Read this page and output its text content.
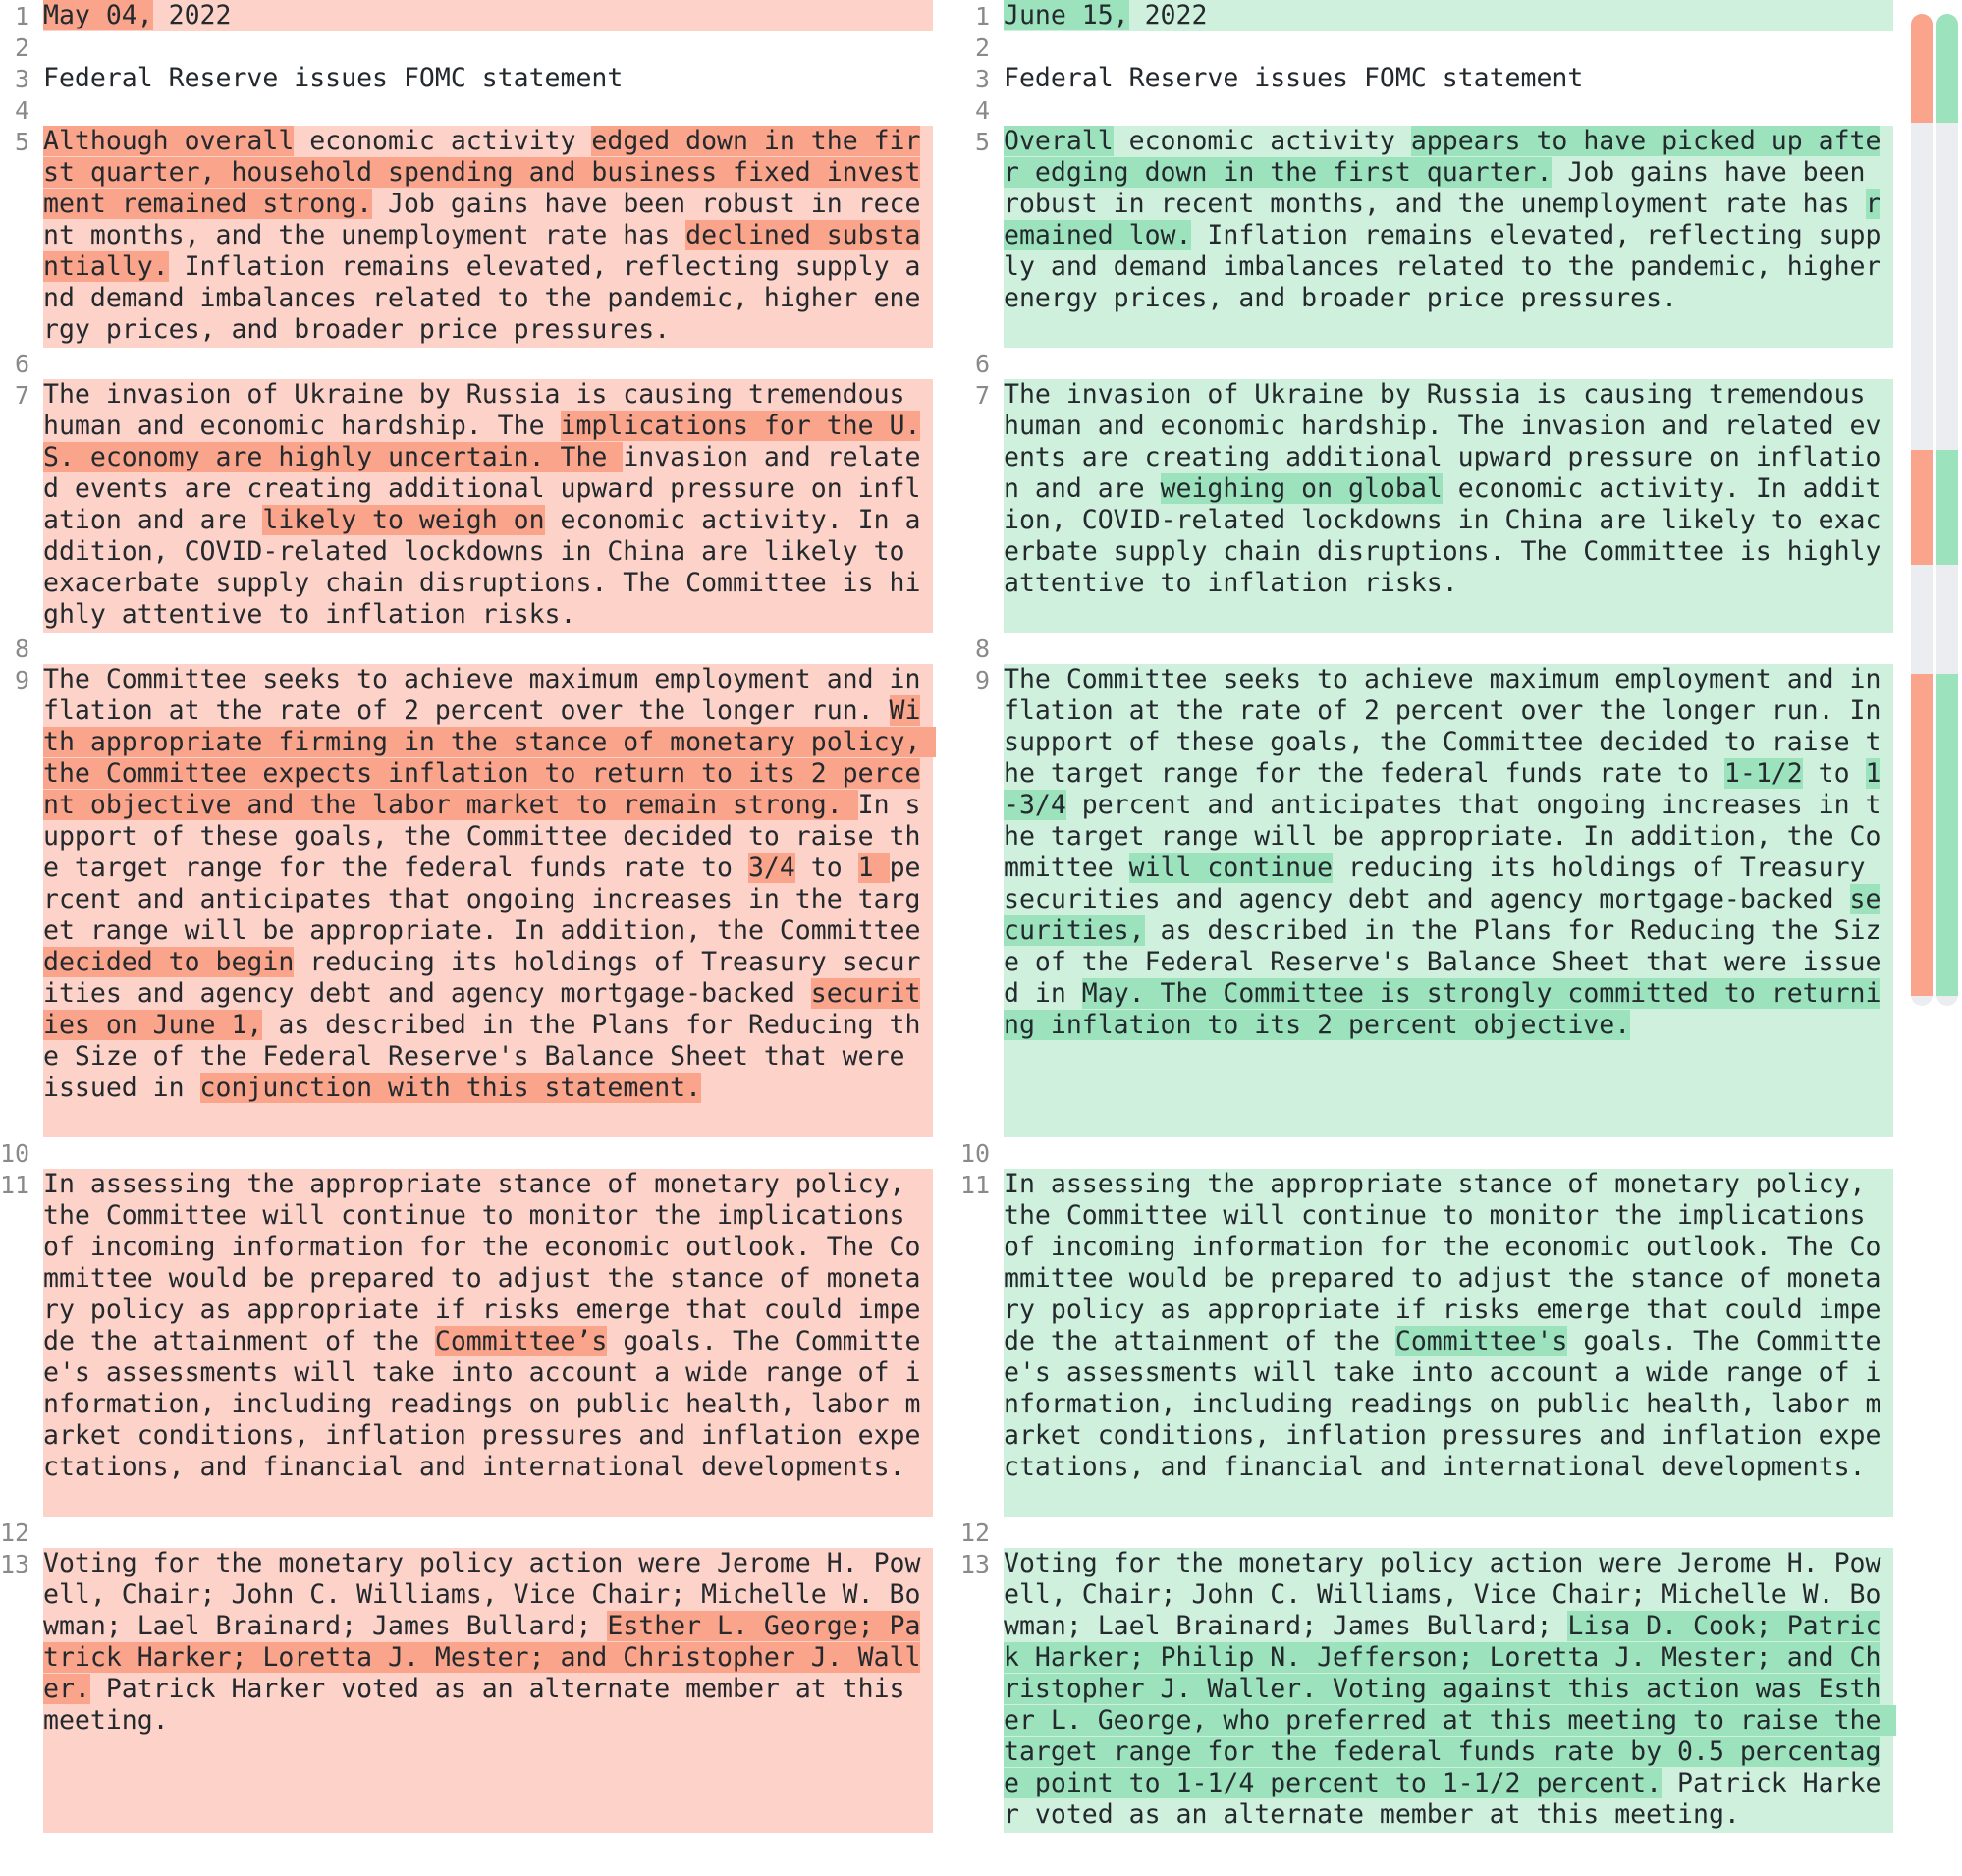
1 May 04, 2022
2

3 Federal Reserve issues FOMC statement
4

5 Although overall economic activity edged down in the first quarter, household spending and business fixed investment remained strong. Job gains have been robust in recent months, and the unemployment rate has declined substantially. Inflation remains elevated, reflecting supply and demand imbalances related to the pandemic, higher energy prices, and broader price pressures.
6

7 The invasion of Ukraine by Russia is causing tremendous human and economic hardship. The implications for the U.S. economy are highly uncertain. The invasion and related events are creating additional upward pressure on inflation and are likely to weigh on economic activity. In addition, COVID-related lockdowns in China are likely to exacerbate supply chain disruptions. The Committee is highly attentive to inflation risks.
8

9 The Committee seeks to achieve maximum employment and inflation at the rate of 2 percent over the longer run. With appropriate firming in the stance of monetary policy, the Committee expects inflation to return to its 2 percent objective and the labor market to remain strong. In support of these goals, the Committee decided to raise the target range for the federal funds rate to 3/4 to 1 percent and anticipates that ongoing increases in the target range will be appropriate. In addition, the Committee decided to begin reducing its holdings of Treasury securities and agency debt and agency mortgage-backed securities on June 1, as described in the Plans for Reducing the Size of the Federal Reserve's Balance Sheet that were issued in conjunction with this statement.
10

11 In assessing the appropriate stance of monetary policy, the Committee will continue to monitor the implications of incoming information for the economic outlook. The Committee would be prepared to adjust the stance of monetary policy as appropriate if risks emerge that could impede the attainment of the Committee’s goals. The Committee's assessments will take into account a wide range of information, including readings on public health, labor market conditions, inflation pressures and inflation expectations, and financial and international developments.
12

13 Voting for the monetary policy action were Jerome H. Powell, Chair; John C. Williams, Vice Chair; Michelle W. Bowman; Lael Brainard; James Bullard; Esther L. George; Patrick Harker; Loretta J. Mester; and Christopher J. Waller. Patrick Harker voted as an alternate member at this meeting.
1 June 15, 2022
2

3 Federal Reserve issues FOMC statement
4

5 Overall economic activity appears to have picked up after edging down in the first quarter. Job gains have been robust in recent months, and the unemployment rate has remained low. Inflation remains elevated, reflecting supply and demand imbalances related to the pandemic, higher energy prices, and broader price pressures.
6

7 The invasion of Ukraine by Russia is causing tremendous human and economic hardship. The invasion and related events are creating additional upward pressure on inflation and are weighing on global economic activity. In addition, COVID-related lockdowns in China are likely to exacerbate supply chain disruptions. The Committee is highly attentive to inflation risks.
8

9 The Committee seeks to achieve maximum employment and inflation at the rate of 2 percent over the longer run. In support of these goals, the Committee decided to raise the target range for the federal funds rate to 1-1/2 to 1-3/4 percent and anticipates that ongoing increases in the target range will be appropriate. In addition, the Committee will continue reducing its holdings of Treasury securities and agency debt and agency mortgage-backed securities, as described in the Plans for Reducing the Size of the Federal Reserve's Balance Sheet that were issued in May. The Committee is strongly committed to returning inflation to its 2 percent objective.
10

11 In assessing the appropriate stance of monetary policy, the Committee will continue to monitor the implications of incoming information for the economic outlook. The Committee would be prepared to adjust the stance of monetary policy as appropriate if risks emerge that could impede the attainment of the Committee's goals. The Committee's assessments will take into account a wide range of information, including readings on public health, labor market conditions, inflation pressures and inflation expectations, and financial and international developments.
12

13 Voting for the monetary policy action were Jerome H. Powell, Chair; John C. Williams, Vice Chair; Michelle W. Bowman; Lael Brainard; James Bullard; Lisa D. Cook; Patrick Harker; Philip N. Jefferson; Loretta J. Mester; and Christopher J. Waller. Voting against this action was Esther L. George, who preferred at this meeting to raise the target range for the federal funds rate by 0.5 percentage point to 1-1/4 percent to 1-1/2 percent. Patrick Harker voted as an alternate member at this meeting.
